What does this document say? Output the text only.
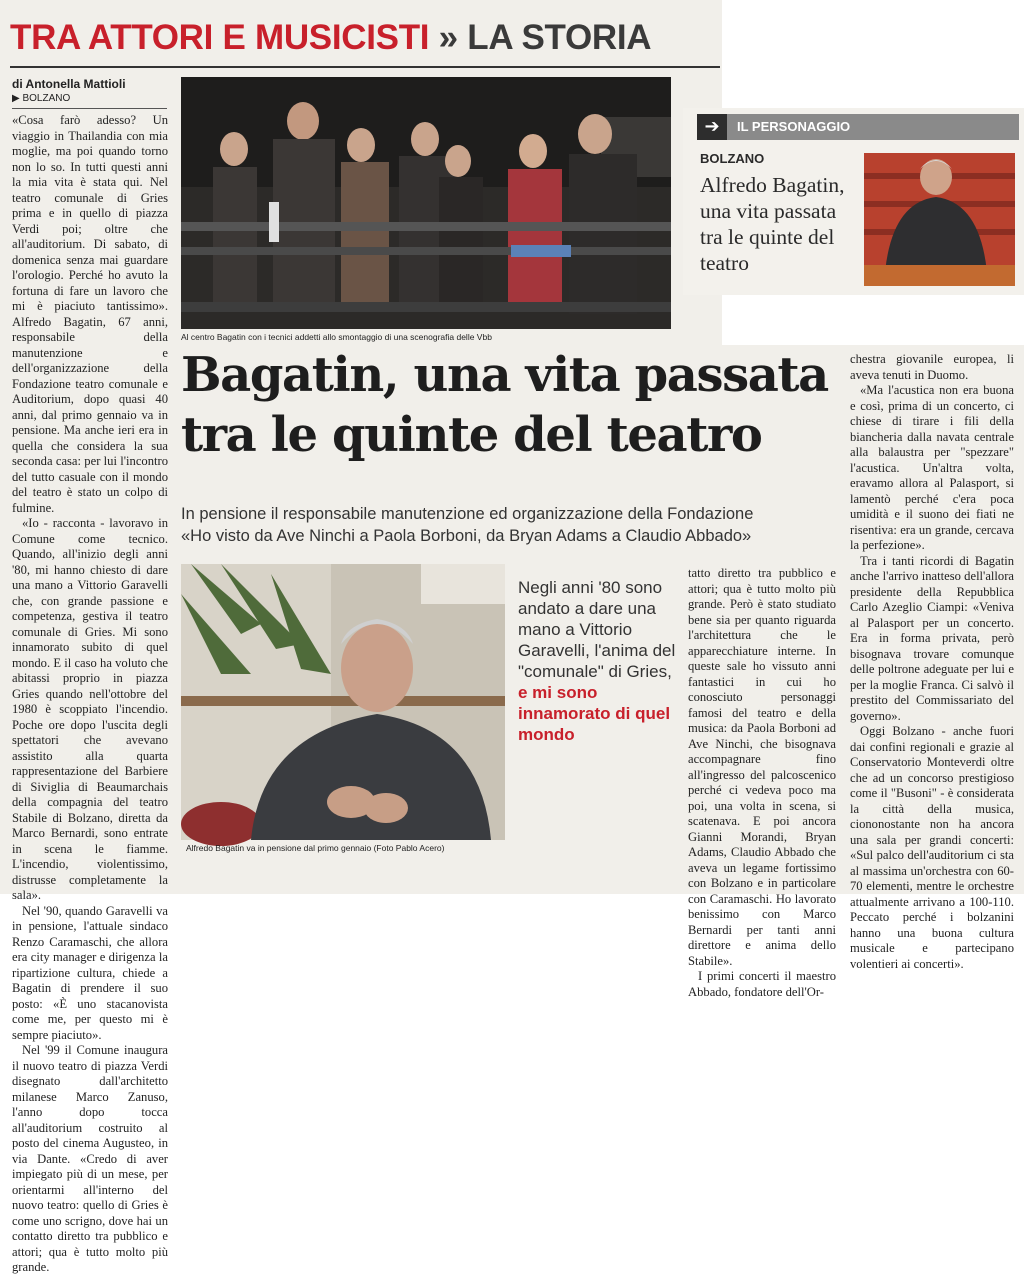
TRA ATTORI E MUSICISTI » LA STORIA
di Antonella Mattioli
▶ BOLZANO

«Cosa farò adesso? Un viaggio in Thailandia con mia moglie, ma poi quando torno non lo so. In tutti questi anni la mia vita è stata qui. Nel teatro comunale di Gries prima e in quello di piazza Verdi poi; oltre che all'auditorium. Di sabato, di domenica senza mai guardare l'orologio. Perché ho avuto la fortuna di fare un lavoro che mi è piaciuto tantissimo». Alfredo Bagatin, 67 anni, responsabile della manutenzione e dell'organizzazione della Fondazione teatro comunale e Auditorium, dopo quasi 40 anni, dal primo gennaio va in pensione. Ma anche ieri era in quella che considera la sua seconda casa: per lui l'incontro del tutto casuale con il mondo del teatro è stato un colpo di fulmine.

«Io - racconta - lavoravo in Comune come tecnico. Quando, all'inizio degli anni '80, mi hanno chiesto di dare una mano a Vittorio Garavelli che, con grande passione e competenza, gestiva il teatro comunale di Gries. Mi sono innamorato subito di quel mondo. E il caso ha voluto che abitassi proprio in piazza Gries quando nell'ottobre del 1980 è scoppiato l'incendio. Poche ore dopo l'uscita degli spettatori che avevano assistito alla quarta rappresentazione del Barbiere di Siviglia di Beaumarchais della compagnia del teatro Stabile di Bolzano, diretta da Marco Bernardi, sono entrate in scena le fiamme. L'incendio, violentissimo, distrusse completamente la sala».

Nel '90, quando Garavelli va in pensione, l'attuale sindaco Renzo Caramaschi, che allora era city manager e dirigenza la ripartizione cultura, chiede a Bagatin di prendere il suo posto: «È uno stacanovista come me, per questo mi è sempre piaciuto».

Nel '99 il Comune inaugura il nuovo teatro di piazza Verdi disegnato dall'architetto milanese Marco Zanuso, l'anno dopo tocca all'auditorium costruito al posto del cinema Augusteo, in via Dante. «Credo di aver impiegato più di un mese, per orientarmi all'interno del nuovo teatro: quello di Gries è come uno scrigno, dove hai un contatto diretto tra pubblico e attori; qua è tutto molto più grande.

Al centro Bagatin con i tecnici addetti allo smontaggio di una scenografia delle Vbb
Bagatin, una vita passata
tra le quinte del teatro
In pensione il responsabile manutenzione ed organizzazione della Fondazione
«Ho visto da Ave Ninchi a Paola Borboni, da Bryan Adams a Claudio Abbado»
Alfredo Bagatin va in pensione dal primo gennaio (Foto Pablo Acero)
Negli anni '80 sono andato a dare una mano a Vittorio Garavelli, l'anima del "comunale" di Gries, e mi sono innamorato di quel mondo

tatto diretto tra pubblico e attori; qua è tutto molto più grande. Però è stato studiato bene sia per quanto riguarda l'architettura che le apparecchiature interne. In queste sale ho vissuto anni fantastici in cui ho conosciuto personaggi famosi del teatro e della musica: da Paola Borboni ad Ave Ninchi, che bisognava accompagnare fino all'ingresso del palcoscenico perché ci vedeva poco ma poi, una volta in scena, si scatenava. E poi ancora Gianni Morandi, Bryan Adams, Claudio Abbado che aveva un legame fortissimo con Bolzano e in particolare con Caramaschi. Ho lavorato benissimo con Marco Bernardi per tanti anni direttore e anima dello Stabile».

I primi concerti il maestro Abbado, fondatore dell'Or-

chestra giovanile europea, li aveva tenuti in Duomo.

«Ma l'acustica non era buona e così, prima di un concerto, ci chiese di tirare i fili della biancheria dalla navata centrale alla balaustra per "spezzare" l'acustica. Un'altra volta, eravamo allora al Palasport, si lamentò perché c'era poca umidità e il suono dei fiati ne risentiva: era un grande, cercava la perfezione».

Tra i tanti ricordi di Bagatin anche l'arrivo inatteso dell'allora presidente della Repubblica Carlo Azeglio Ciampi: «Veniva al Palasport per un concerto. Era in forma privata, però bisognava trovare comunque delle poltrone adeguate per lui e per la moglie Franca. Ci salvò il prestito del Commissariato del governo».

Oggi Bolzano - anche fuori dai confini regionali e grazie al Conservatorio Monteverdi oltre che ad un concorso prestigioso come il "Busoni" - è considerata la città della musica, ciononostante non ha ancora una sala per grandi concerti: «Sul palco dell'auditorium ci sta al massima un'orchestra con 60-70 elementi, mentre le orchestre attualmente arrivano a 100-110. Peccato perché i bolzanini hanno una buona cultura musicale e partecipano volentieri ai concerti».

➔	IL PERSONAGGIO
BOLZANO
Alfredo Bagatin, una vita passata tra le quinte del teatro
